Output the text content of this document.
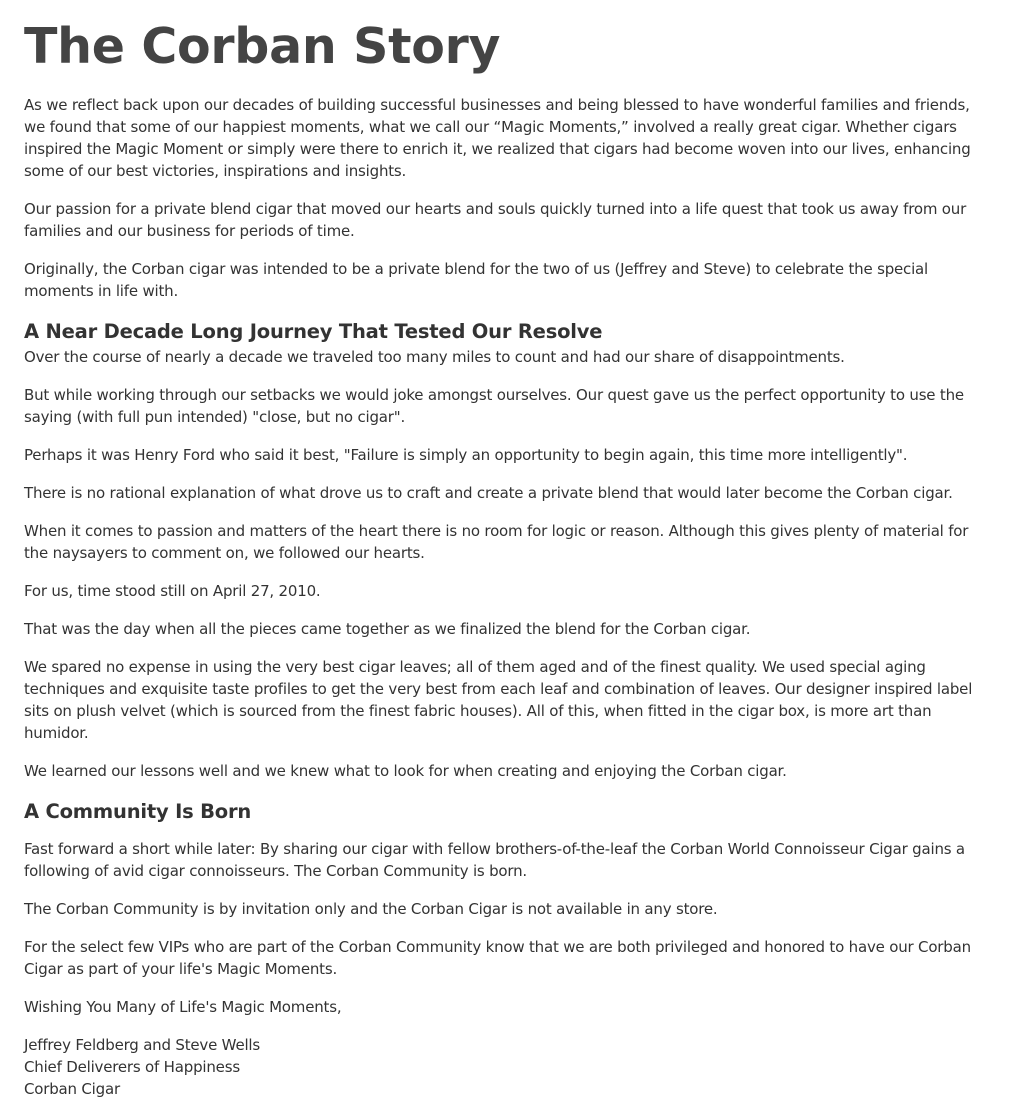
The Corban Story

As we reflect back upon our decades of building successful businesses and being blessed to have wonderful families and friends, we found that some of our happiest moments, what we call our “Magic Moments,” involved a really great cigar. Whether cigars inspired the Magic Moment or simply were there to enrich it, we realized that cigars had become woven into our lives, enhancing some of our best victories, inspirations and insights.

Our passion for a private blend cigar that moved our hearts and souls quickly turned into a life quest that took us away from our families and our business for periods of time.

Originally, the Corban cigar was intended to be a private blend for the two of us (Jeffrey and Steve) to celebrate the special moments in life with.

A Near Decade Long Journey That Tested Our Resolve

Over the course of nearly a decade we traveled too many miles to count and had our share of disappointments.

But while working through our setbacks we would joke amongst ourselves. Our quest gave us the perfect opportunity to use the saying (with full pun intended) "close, but no cigar".

Perhaps it was Henry Ford who said it best, "Failure is simply an opportunity to begin again, this time more intelligently".

There is no rational explanation of what drove us to craft and create a private blend that would later become the Corban cigar.

When it comes to passion and matters of the heart there is no room for logic or reason. Although this gives plenty of material for the naysayers to comment on, we followed our hearts.

For us, time stood still on April 27, 2010.

That was the day when all the pieces came together as we finalized the blend for the Corban cigar.

We spared no expense in using the very best cigar leaves; all of them aged and of the finest quality. We used special aging techniques and exquisite taste profiles to get the very best from each leaf and combination of leaves. Our designer inspired label sits on plush velvet (which is sourced from the finest fabric houses). All of this, when fitted in the cigar box, is more art than humidor.

We learned our lessons well and we knew what to look for when creating and enjoying the Corban cigar.

A Community Is Born

Fast forward a short while later: By sharing our cigar with fellow brothers-of-the-leaf the Corban World Connoisseur Cigar gains a following of avid cigar connoisseurs. The Corban Community is born.

The Corban Community is by invitation only and the Corban Cigar is not available in any store.

For the select few VIPs who are part of the Corban Community know that we are both privileged and honored to have our Corban Cigar as part of your life's Magic Moments.

Wishing You Many of Life's Magic Moments,

Jeffrey Feldberg and Steve Wells
Chief Deliverers of Happiness
Corban Cigar
